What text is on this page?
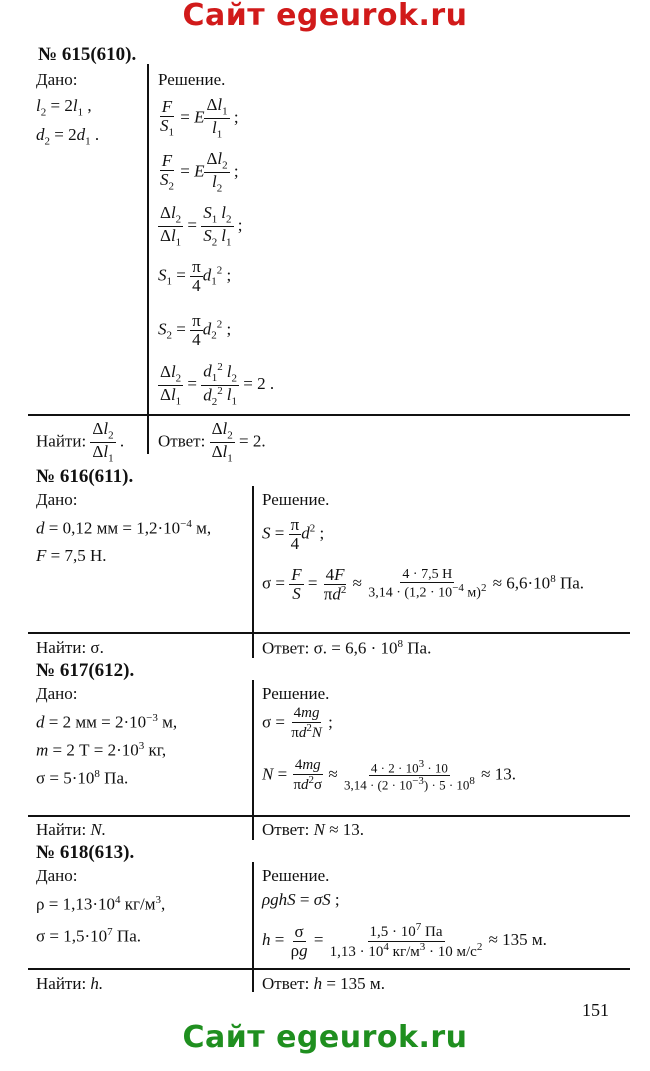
Сайт egeurok.ru
№ 615(610).
Дано:
$l_2 = 2l_1$ ,
$d_2 = 2d_1$ .
Решение.
$\frac{F}{S_1} = E \frac{\Delta l_1}{l_1}$ ;
$\frac{F}{S_2} = E \frac{\Delta l_2}{l_2}$ ;
$\frac{\Delta l_2}{\Delta l_1} = \frac{S_1}{S_2} \frac{l_2}{l_1}$ ;
$S_1 = \frac{\pi}{4} d_1^2$ ;
$S_2 = \frac{\pi}{4} d_2^2$ ;
$\frac{\Delta l_2}{\Delta l_1} = \frac{d_1^2}{d_2^2} \frac{l_2}{l_1} = 2$ .
Найти: $\frac{\Delta l_2}{\Delta l_1}$ . Ответ: $\frac{\Delta l_2}{\Delta l_1} = 2$.
№ 616(611).
Дано:
d = 0,12 мм = $1,2\cdot 10^{-4}$ м,
F = 7,5 Н.
Решение.
$S = \frac{\pi}{4} d^2$ ;
$\sigma = \frac{F}{S} = \frac{4F}{\pi d^2} \approx \frac{4 \cdot 7,5 Н}{3,14 \cdot (1,2 \cdot 10^{-4} м)^2} \approx 6,6\cdot 10^8$ Па.
Найти: σ.	Ответ: σ. = $6,6 \cdot 10^8$ Па.
№ 617(612).
Дано:
d = 2 мм = $2\cdot 10^{-3}$ м,
m = 2 $Т = 2\cdot 10^3$ кг,
$\sigma = 5\cdot 10^8$ Па.
Решение.
$\sigma = \frac{4mg}{\pi d^2N}$ ;
$N = \frac{4mg}{\pi d^2\sigma} \approx \frac{4 \cdot 2 \cdot 10^3 \cdot 10}{3,14 \cdot (2 \cdot 10^{-3}) \cdot 5 \cdot 10^8} \approx 13$.
Найти: N.	Ответ: N ≈ 13.
№ 618(613).
Дано:
$\rho = 1,13\cdot 10^4$ $кг/м^3$,
$\sigma = 1,5\cdot 10^7$ Па.
Решение.
ρghS = σS ;
$h = \frac{\sigma}{\rho g} = \frac{1,5 \cdot 10^7 Па}{1,13 \cdot 10^4 кг/м^3 \cdot 10 м/с^2} \approx 135$ м.
Найти: h.	Ответ: h = 135 м.
151
Сайт egeurok.ru
